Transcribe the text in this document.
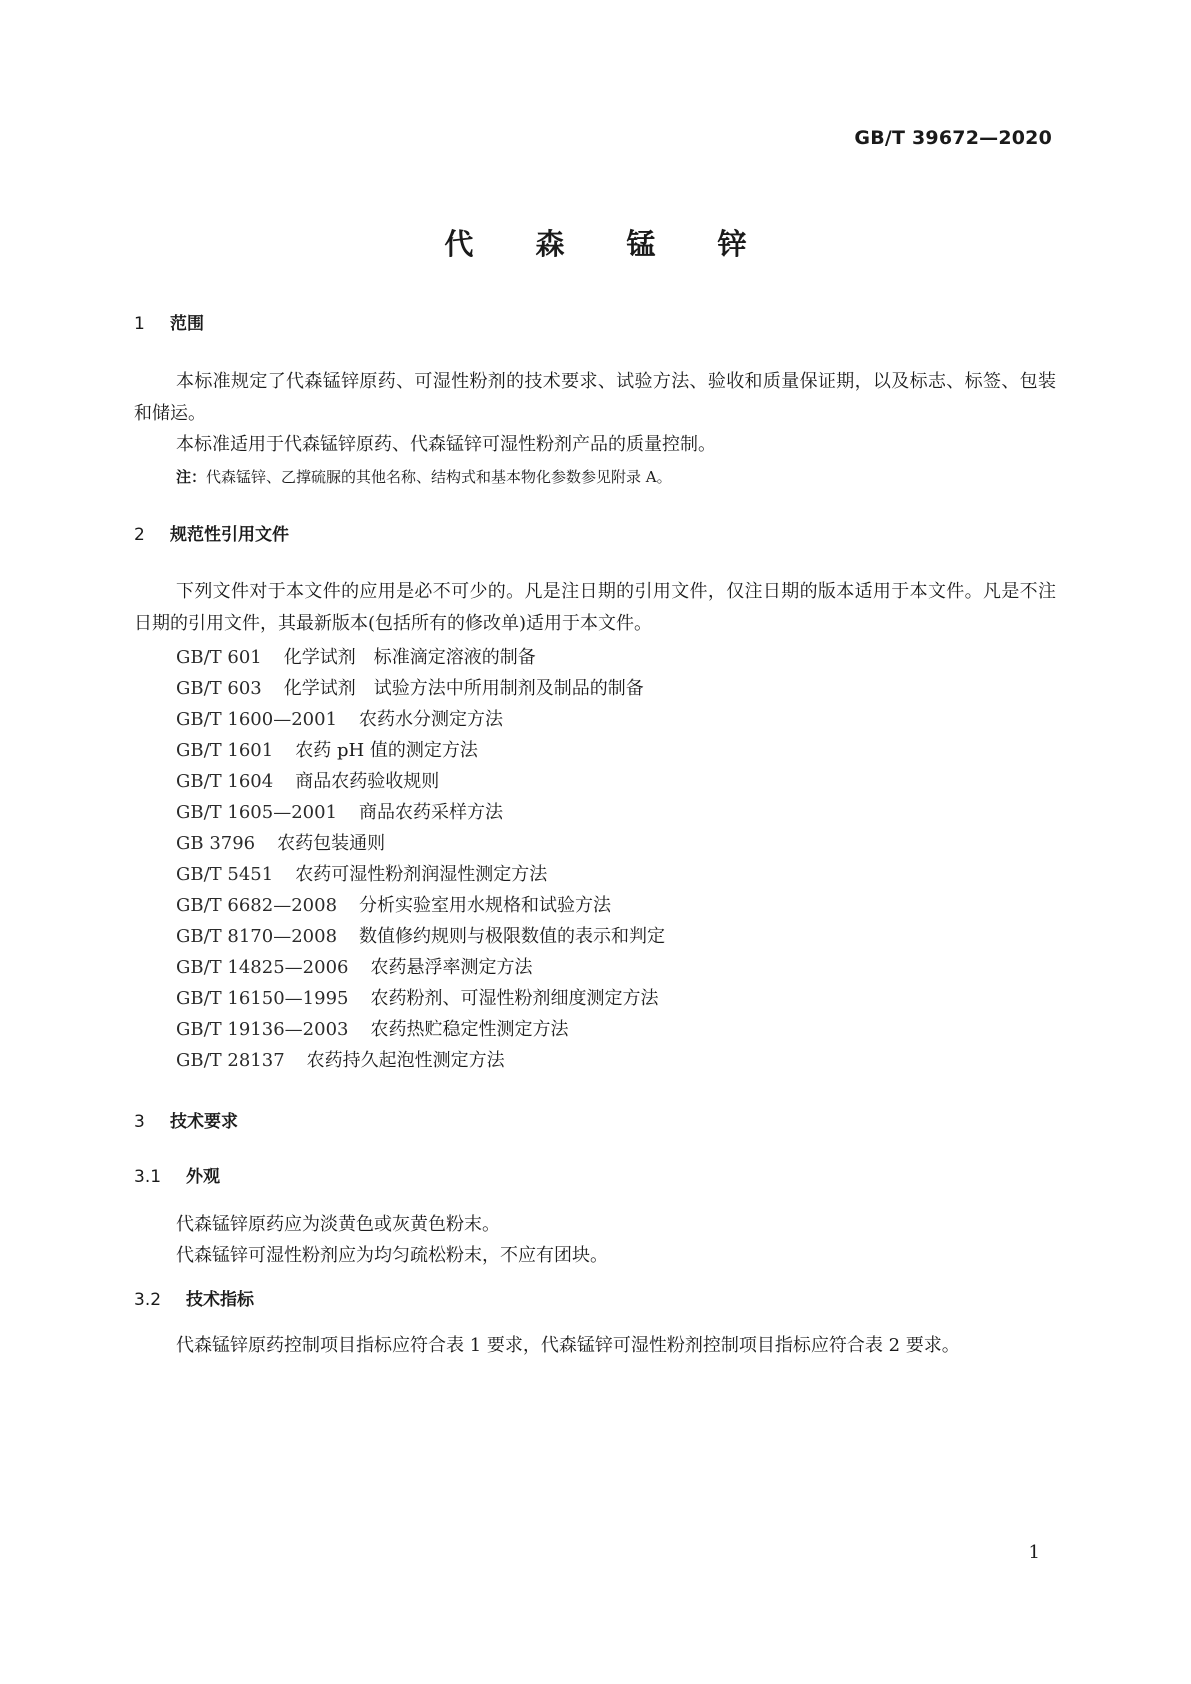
GB/T 39672—2020
代 森 锰 锌
1 范围
本标准规定了代森锰锌原药、可湿性粉剂的技术要求、试验方法、验收和质量保证期，以及标志、标签、包装和储运。
本标准适用于代森锰锌原药、代森锰锌可湿性粉剂产品的质量控制。
注：代森锰锌、乙撑硫脲的其他名称、结构式和基本物化参数参见附录 A。
2 规范性引用文件
下列文件对于本文件的应用是必不可少的。凡是注日期的引用文件，仅注日期的版本适用于本文件。凡是不注日期的引用文件，其最新版本(包括所有的修改单)适用于本文件。
GB/T 601 化学试剂　标准滴定溶液的制备
GB/T 603 化学试剂　试验方法中所用制剂及制品的制备
GB/T 1600—2001 农药水分测定方法
GB/T 1601 农药 pH 值的测定方法
GB/T 1604 商品农药验收规则
GB/T 1605—2001 商品农药采样方法
GB 3796 农药包装通则
GB/T 5451 农药可湿性粉剂润湿性测定方法
GB/T 6682—2008 分析实验室用水规格和试验方法
GB/T 8170—2008 数值修约规则与极限数值的表示和判定
GB/T 14825—2006 农药悬浮率测定方法
GB/T 16150—1995 农药粉剂、可湿性粉剂细度测定方法
GB/T 19136—2003 农药热贮稳定性测定方法
GB/T 28137 农药持久起泡性测定方法
3 技术要求
3.1 外观
代森锰锌原药应为淡黄色或灰黄色粉末。
代森锰锌可湿性粉剂应为均匀疏松粉末，不应有团块。
3.2 技术指标
代森锰锌原药控制项目指标应符合表 1 要求，代森锰锌可湿性粉剂控制项目指标应符合表 2 要求。
1
